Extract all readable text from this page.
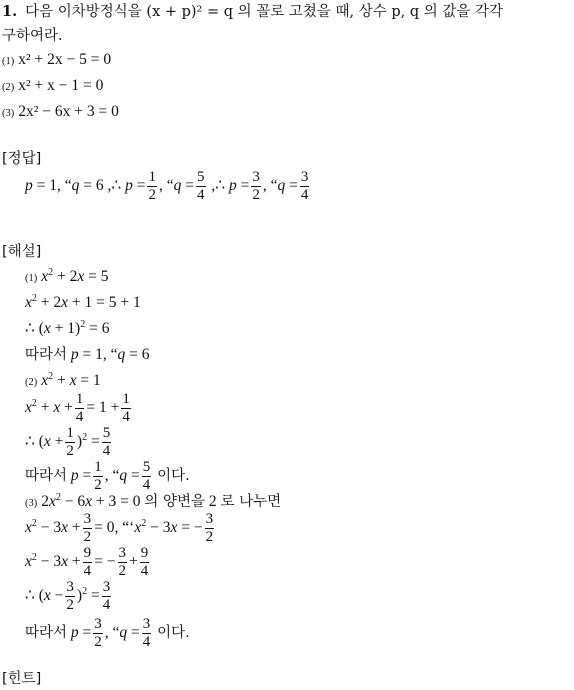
1. 다음 이차방정식을 (x + p)² = q 의 꼴로 고쳤을 때, 상수 p, q 의 값을 각각
구하여라.
(1) x² + 2x − 5 = 0
(2) x² + x − 1 = 0
(3) 2x² − 6x + 3 = 0
[정답]
p = 1, “q = 6 ,∴ $p = \frac{1}{2}$ , “$q = \frac{5}{4}$ ,∴ $p = \frac{3}{2}$ , “$q = \frac{3}{4}$
[해설]
(1) $x^2 + 2x = 5$
$x^2 + 2x + 1 = 5 + 1$
∴ $(x + 1)^2 = 6$
따라서 p = 1, “q = 6
(2) $x^2 + x = 1$
$x^2 + x + \frac{1}{4} = 1 + \frac{1}{4}$
∴ $(x + \frac{1}{2} )^2 = \frac{5}{4}$
따라서 $p = \frac{1}{2}$ , “$q = \frac{5}{4}$ 이다.
(3) $2x^2 - 6x + 3 = 0$ 의 양변을 2 로 나누면
$x^2 - 3x + \frac{3}{2} = 0$, “‘$x^2 - 3x$ = − $\frac{3}{2}$
$x^2 - 3x + \frac{9}{4}$ = − $\frac{3}{2} + \frac{9}{4}$
∴ $(x - \frac{3}{2} )^2 = \frac{3}{4}$
따라서 $p = \frac{3}{2}$ , “$q = \frac{3}{4}$ 이다.
[힌트]
